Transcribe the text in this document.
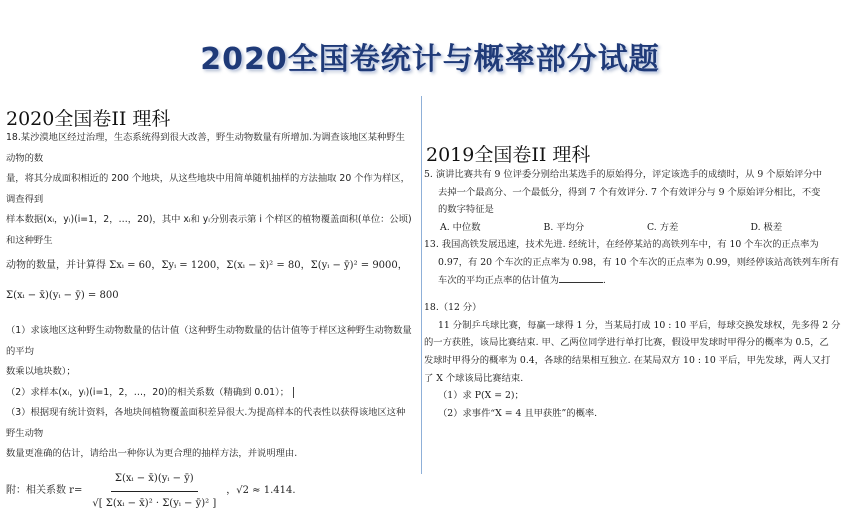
2020全国卷统计与概率部分试题
2020全国卷II 理科
2019全国卷II 理科

18.某沙漠地区经过治理，生态系统得到很大改善，野生动物数量有所增加.为调查该地区某种野生动物的数

量，将其分成面积相近的 200 个地块，从这些地块中用简单随机抽样的方法抽取 20 个作为样区，调查得到

样本数据(xᵢ，yᵢ)(i=1，2，…，20)，其中 xᵢ和 yᵢ分别表示第 i 个样区的植物覆盖面积(单位：公顷)和这种野生

动物的数量，并计算得 Σxᵢ = 60，Σyᵢ = 1200，Σ(xᵢ − x̄)² = 80，Σ(yᵢ − ȳ)² = 9000，

Σ(xᵢ − x̄)(yᵢ − ȳ) = 800

（1）求该地区这种野生动物数量的估计值（这种野生动物数量的估计值等于样区这种野生动物数量的平均

数乘以地块数）；

（2）求样本(xᵢ，yᵢ)(i=1，2，…，20)的相关系数（精确到 0.01）；

（3）根据现有统计资料，各地块间植物覆盖面积差异很大.为提高样本的代表性以获得该地区这种野生动物

数量更准确的估计，请给出一种你认为更合理的抽样方法，并说明理由.

附：相关系数 $r= \frac{\text{Σ(xᵢ − x̄)(yᵢ − ȳ)}}{\text{√[ Σ(xᵢ − x̄)² · Σ(yᵢ − ȳ)² ]}}$ ，√2 ≈ 1.414.

5. 演讲比赛共有 9 位评委分别给出某选手的原始得分，评定该选手的成绩时，从 9 个原始评分中

去掉一个最高分、一个最低分，得到 7 个有效评分. 7 个有效评分与 9 个原始评分相比，不变

的数字特征是

A. 中位数	B. 平均分	C. 方差	D. 极差

13. 我国高铁发展迅速，技术先进. 经统计，在经停某站的高铁列车中，有 10 个车次的正点率为

0.97，有 20 个车次的正点率为 0.98，有 10 个车次的正点率为 0.99，则经停该站高铁列车所有

车次的平均正点率的估计值为	.

18.（12 分）

11 分制乒乓球比赛，每赢一球得 1 分，当某局打成 10 : 10 平后，每球交换发球权，先多得 2 分

的一方获胜，该局比赛结束. 甲、乙两位同学进行单打比赛，假设甲发球时甲得分的概率为 0.5，乙

发球时甲得分的概率为 0.4，各球的结果相互独立. 在某局双方 10 : 10 平后，甲先发球，两人又打

了 X 个球该局比赛结束.

（1）求 P(X = 2)；

（2）求事件“X = 4 且甲获胜”的概率.
